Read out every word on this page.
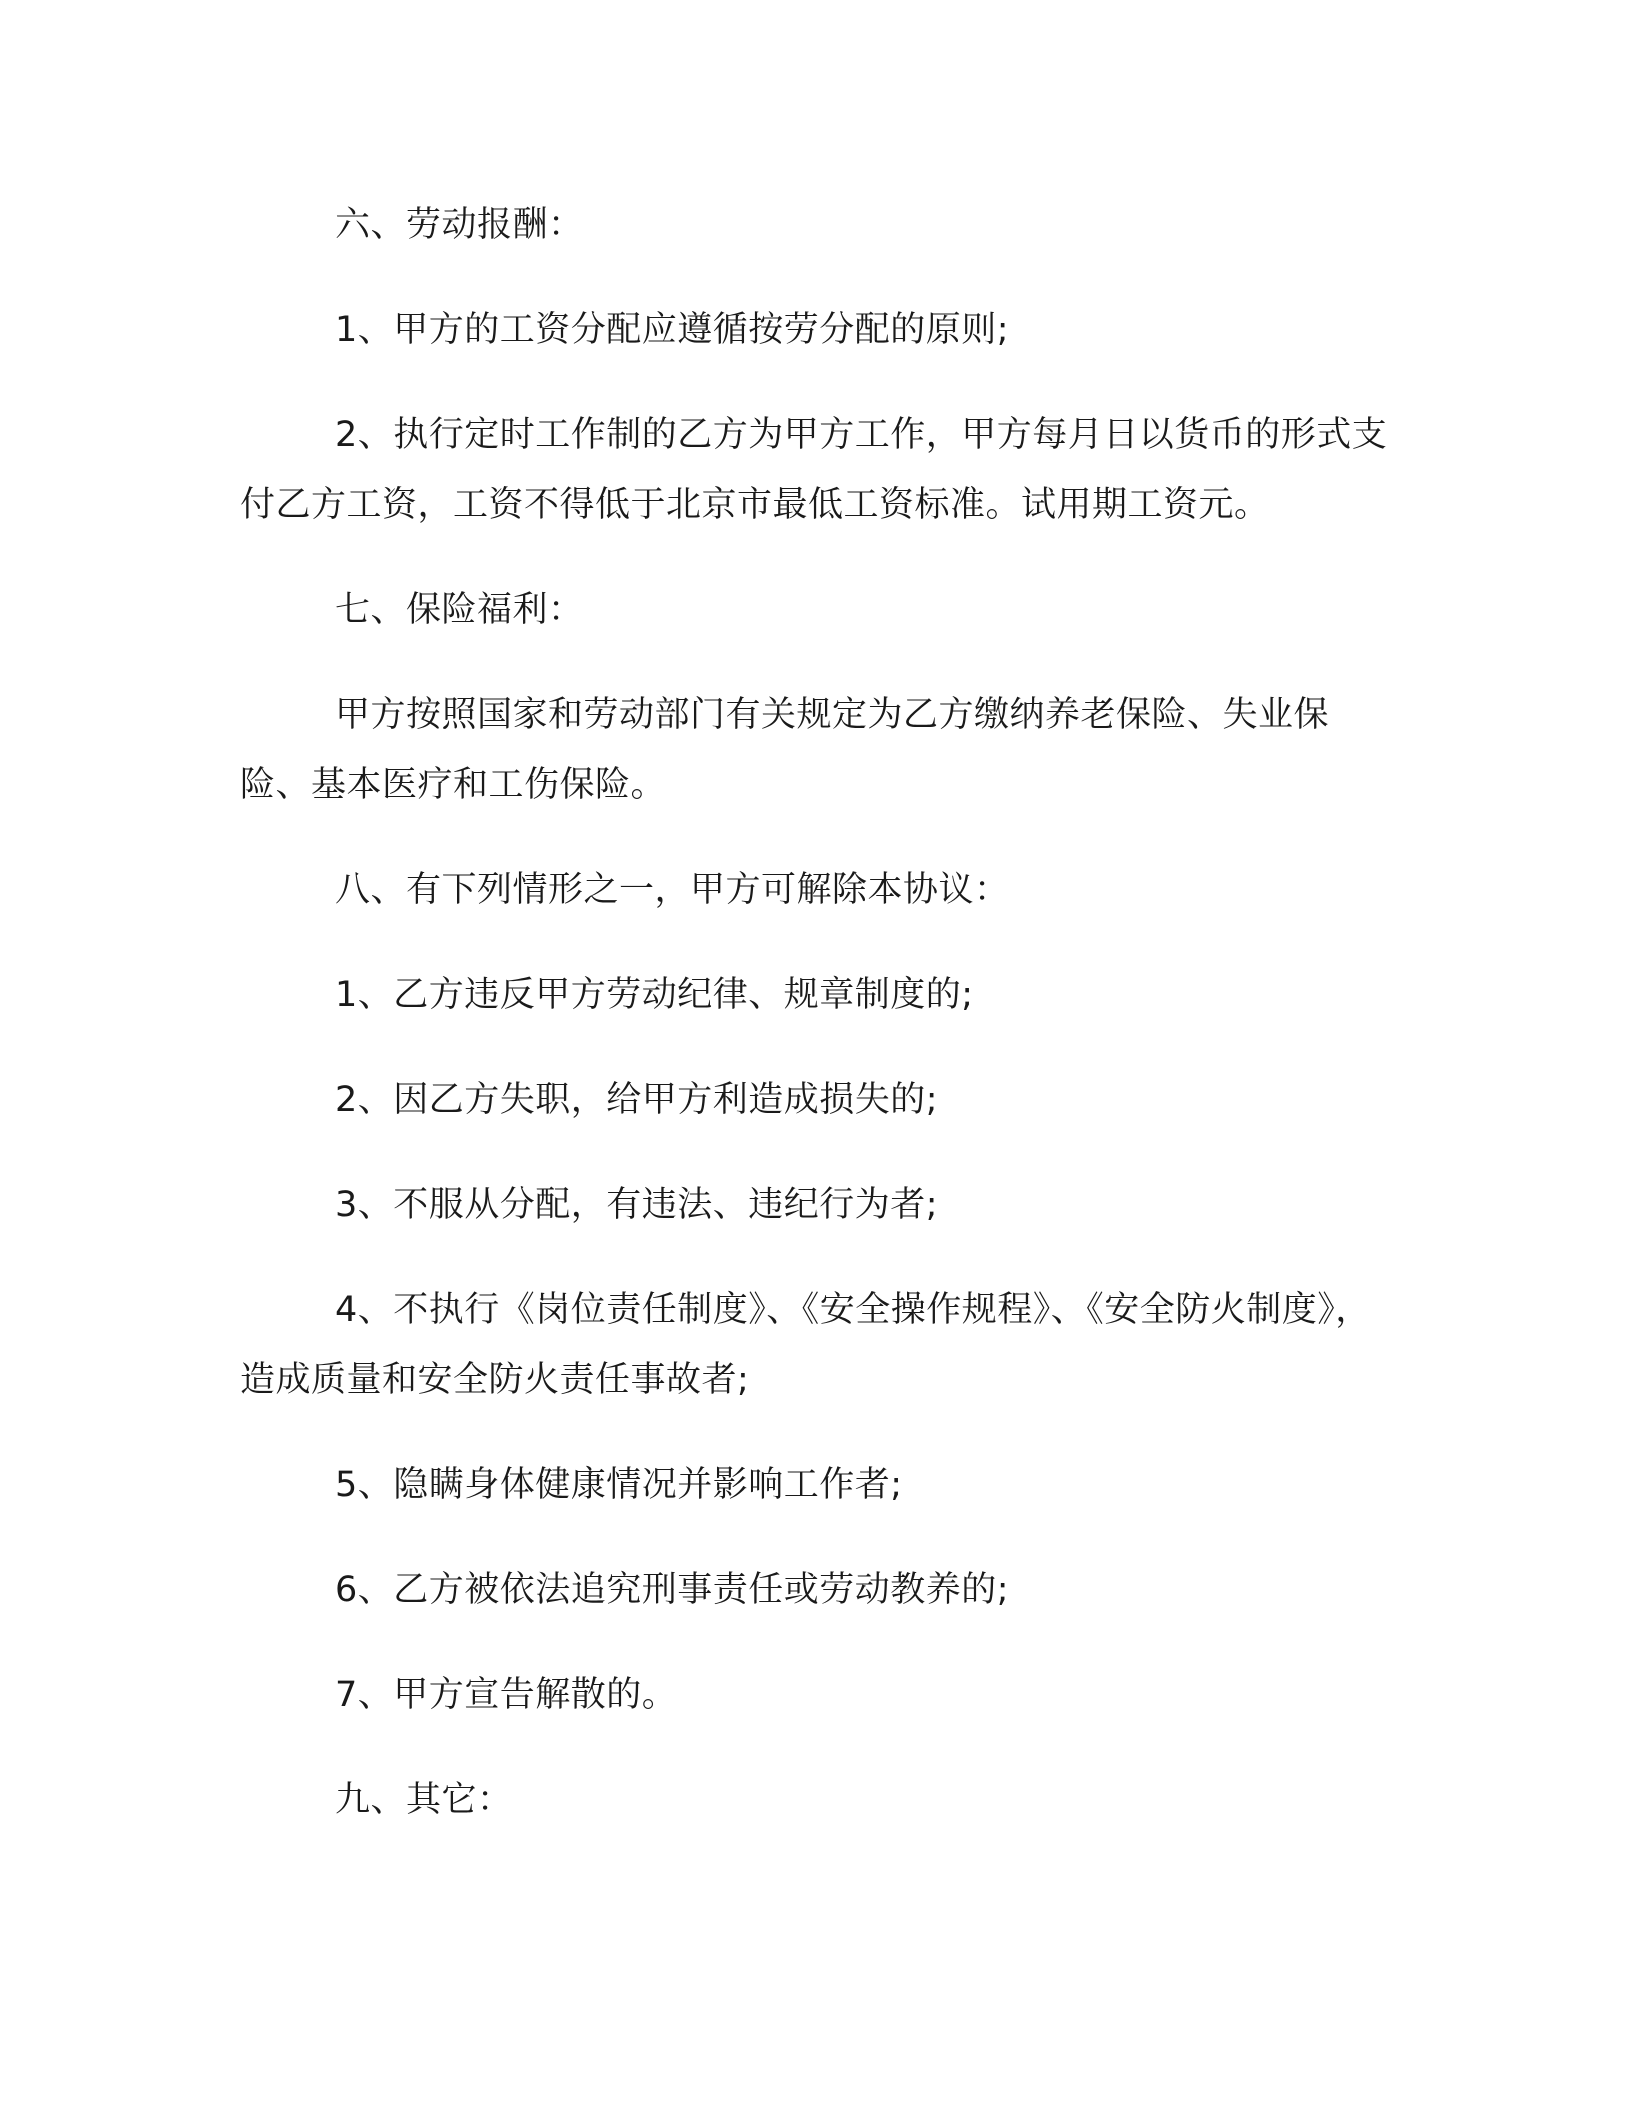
六、劳动报酬：

1、甲方的工资分配应遵循按劳分配的原则;

2、执行定时工作制的乙方为甲方工作，甲方每月日以货币的形式支付乙方工资，工资不得低于北京市最低工资标准。试用期工资元。

七、保险福利：

甲方按照国家和劳动部门有关规定为乙方缴纳养老保险、失业保险、基本医疗和工伤保险。

八、有下列情形之一，甲方可解除本协议：

1、乙方违反甲方劳动纪律、规章制度的;

2、因乙方失职，给甲方利造成损失的;

3、不服从分配，有违法、违纪行为者;

4、不执行《岗位责任制度》、《安全操作规程》、《安全防火制度》，造成质量和安全防火责任事故者;

5、隐瞒身体健康情况并影响工作者;

6、乙方被依法追究刑事责任或劳动教养的;

7、甲方宣告解散的。

九、其它：
